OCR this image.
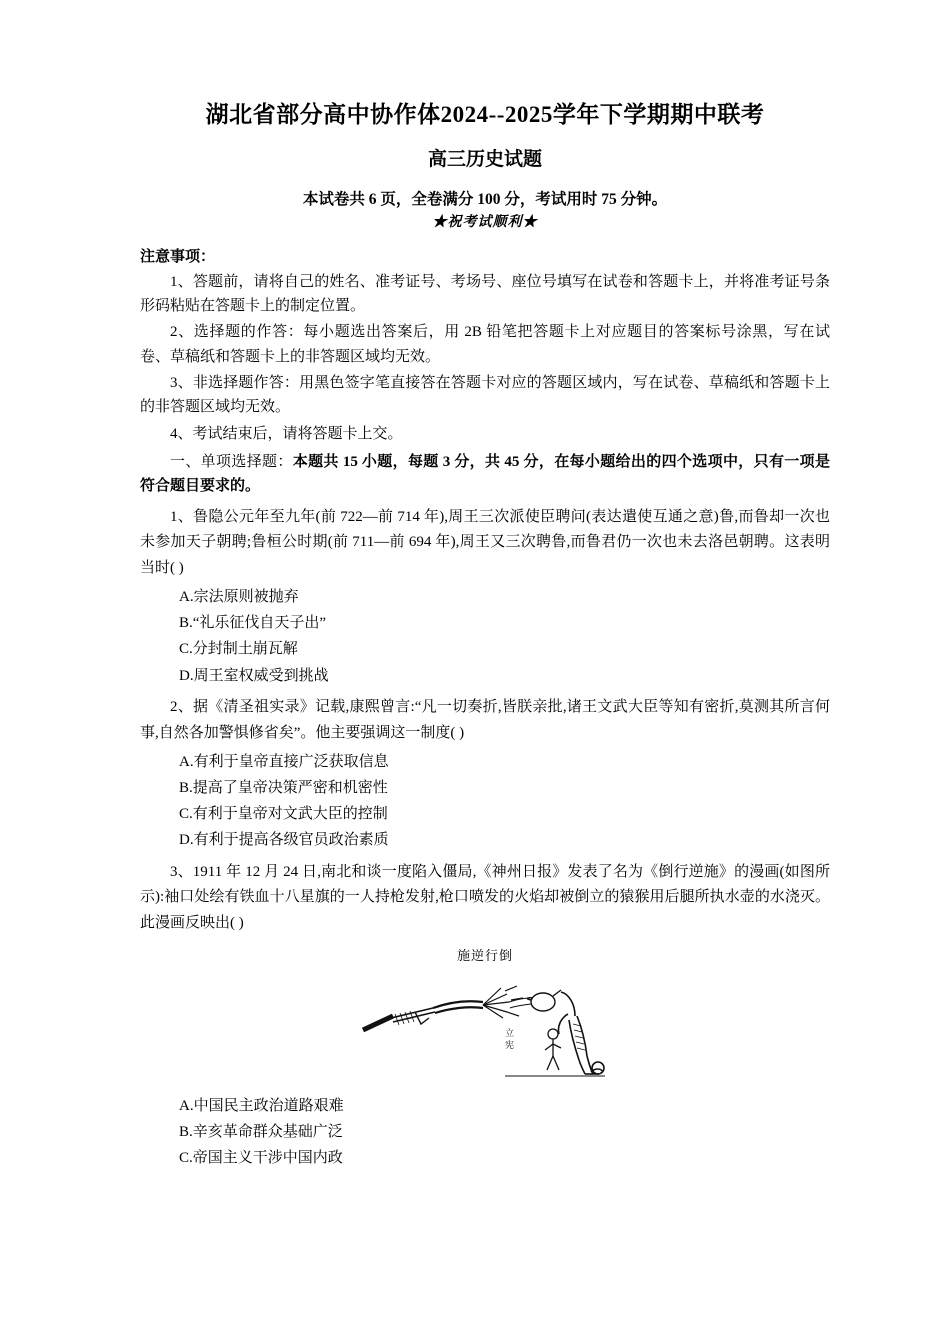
湖北省部分高中协作体2024--2025学年下学期期中联考
高三历史试题

本试卷共 6 页，全卷满分 100 分，考试用时 75 分钟。

★祝考试顺利★

注意事项：

1、答题前，请将自己的姓名、准考证号、考场号、座位号填写在试卷和答题卡上，并将准考证号条形码粘贴在答题卡上的制定位置。

2、选择题的作答：每小题选出答案后，用 2B 铅笔把答题卡上对应题目的答案标号涂黑，写在试卷、草稿纸和答题卡上的非答题区域均无效。

3、非选择题作答：用黑色签字笔直接答在答题卡对应的答题区域内，写在试卷、草稿纸和答题卡上的非答题区域均无效。

4、考试结束后，请将答题卡上交。

一、单项选择题：本题共 15 小题，每题 3 分，共 45 分，在每小题给出的四个选项中，只有一项是符合题目要求的。

1、鲁隐公元年至九年(前 722—前 714 年),周王三次派使臣聘问(表达遣使互通之意)鲁,而鲁却一次也未参加天子朝聘;鲁桓公时期(前 711—前 694 年),周王又三次聘鲁,而鲁君仍一次也未去洛邑朝聘。这表明当时( )

A.宗法原则被抛弃

B.“礼乐征伐自天子出”

C.分封制土崩瓦解

D.周王室权威受到挑战

2、据《清圣祖实录》记载,康熙曾言:“凡一切奏折,皆朕亲批,诸王文武大臣等知有密折,莫测其所言何事,自然各加警惧修省矣”。他主要强调这一制度( )

A.有利于皇帝直接广泛获取信息

B.提高了皇帝决策严密和机密性

C.有利于皇帝对文武大臣的控制

D.有利于提高各级官员政治素质

3、1911 年 12 月 24 日,南北和谈一度陷入僵局,《神州日报》发表了名为《倒行逆施》的漫画(如图所示):袖口处绘有铁血十八星旗的一人持枪发射,枪口喷发的火焰却被倒立的猿猴用后腿所执水壶的水浇灭。此漫画反映出( )

施逆行倒
立
宪

A.中国民主政治道路艰难

B.辛亥革命群众基础广泛

C.帝国主义干涉中国内政
